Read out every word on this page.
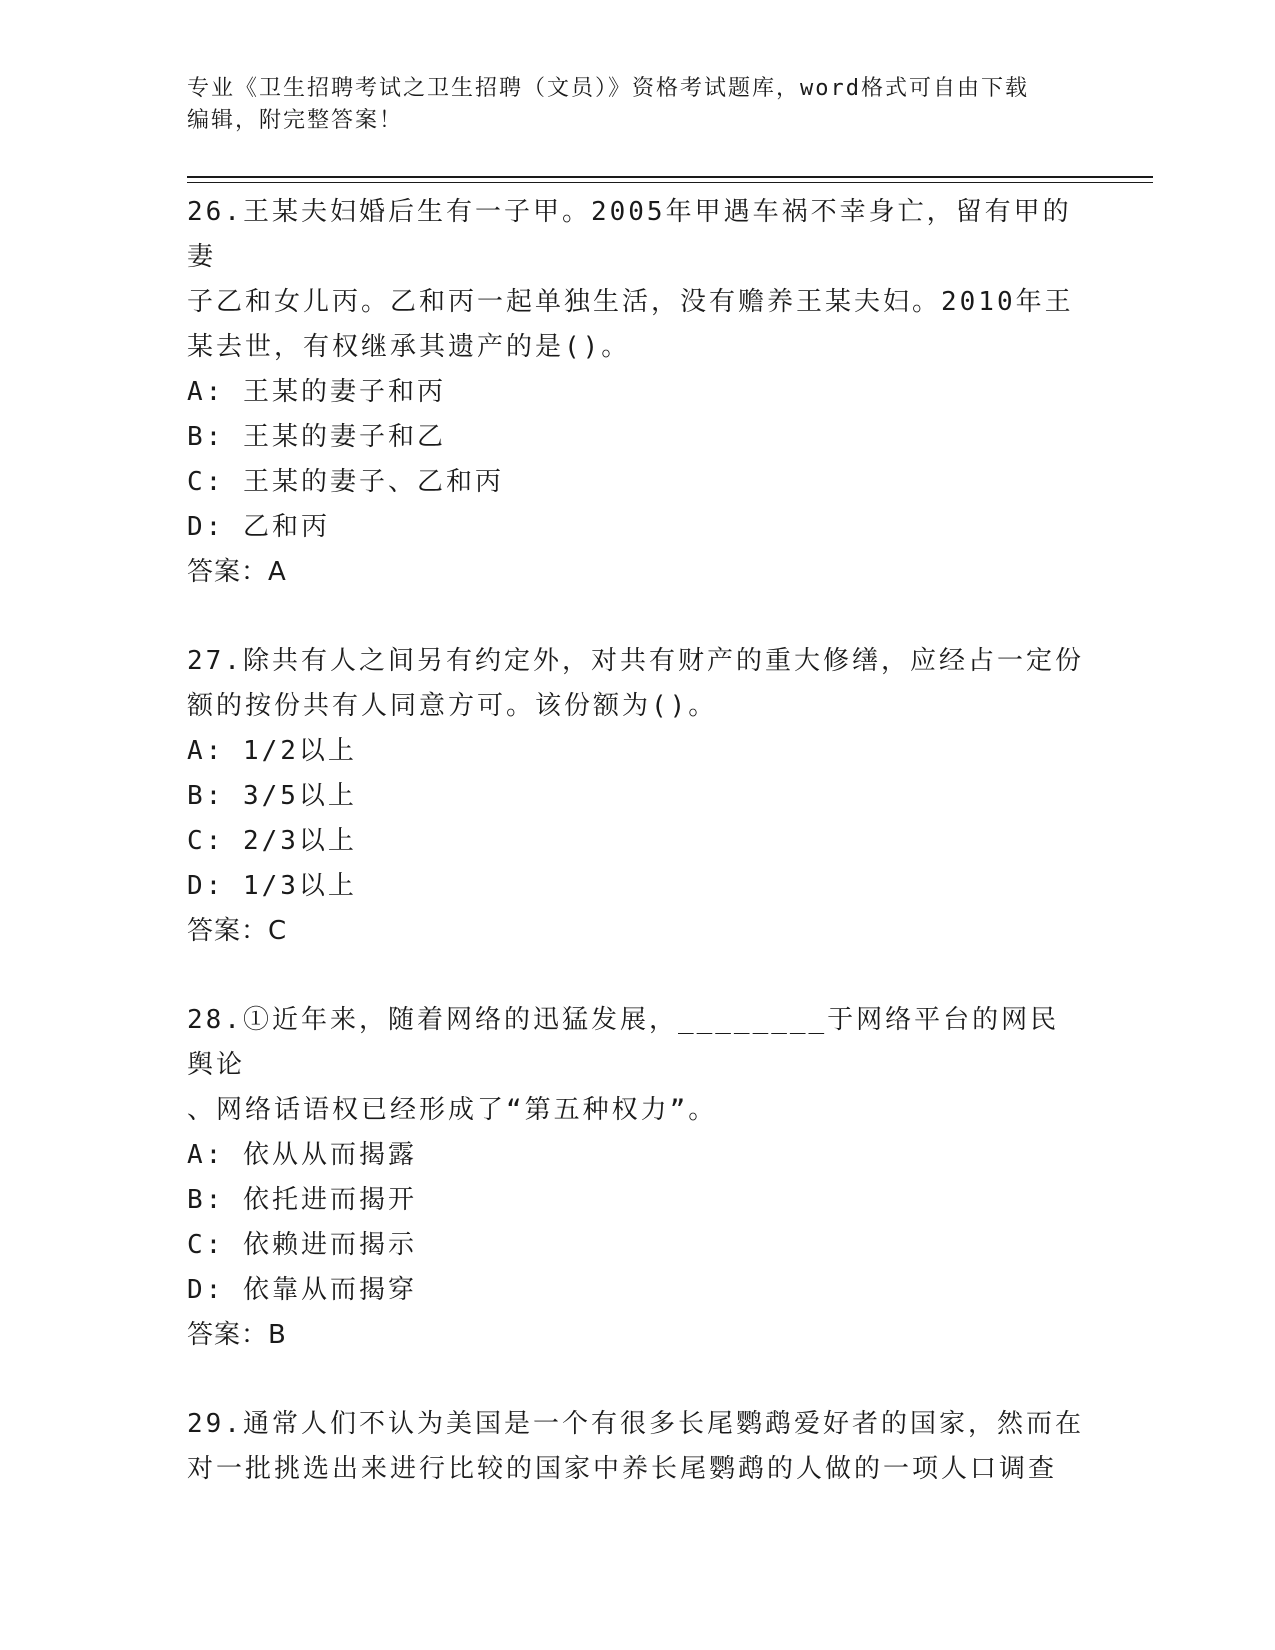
专业《卫生招聘考试之卫生招聘（文员）》资格考试题库，word格式可自由下载
编辑，附完整答案！
26.王某夫妇婚后生有一子甲。2005年甲遇车祸不幸身亡，留有甲的妻
子乙和女儿丙。乙和丙一起单独生活，没有赡养王某夫妇。2010年王
某去世，有权继承其遗产的是()。
A: 王某的妻子和丙
B: 王某的妻子和乙
C: 王某的妻子、乙和丙
D: 乙和丙
答案：A
27.除共有人之间另有约定外，对共有财产的重大修缮，应经占一定份
额的按份共有人同意方可。该份额为()。
A: 1/2以上
B: 3/5以上
C: 2/3以上
D: 1/3以上
答案：C
28.①近年来，随着网络的迅猛发展，________于网络平台的网民舆论
、网络话语权已经形成了“第五种权力”。
A: 依从从而揭露
B: 依托进而揭开
C: 依赖进而揭示
D: 依靠从而揭穿
答案：B
29.通常人们不认为美国是一个有很多长尾鹦鹉爱好者的国家，然而在
对一批挑选出来进行比较的国家中养长尾鹦鹉的人做的一项人口调查
